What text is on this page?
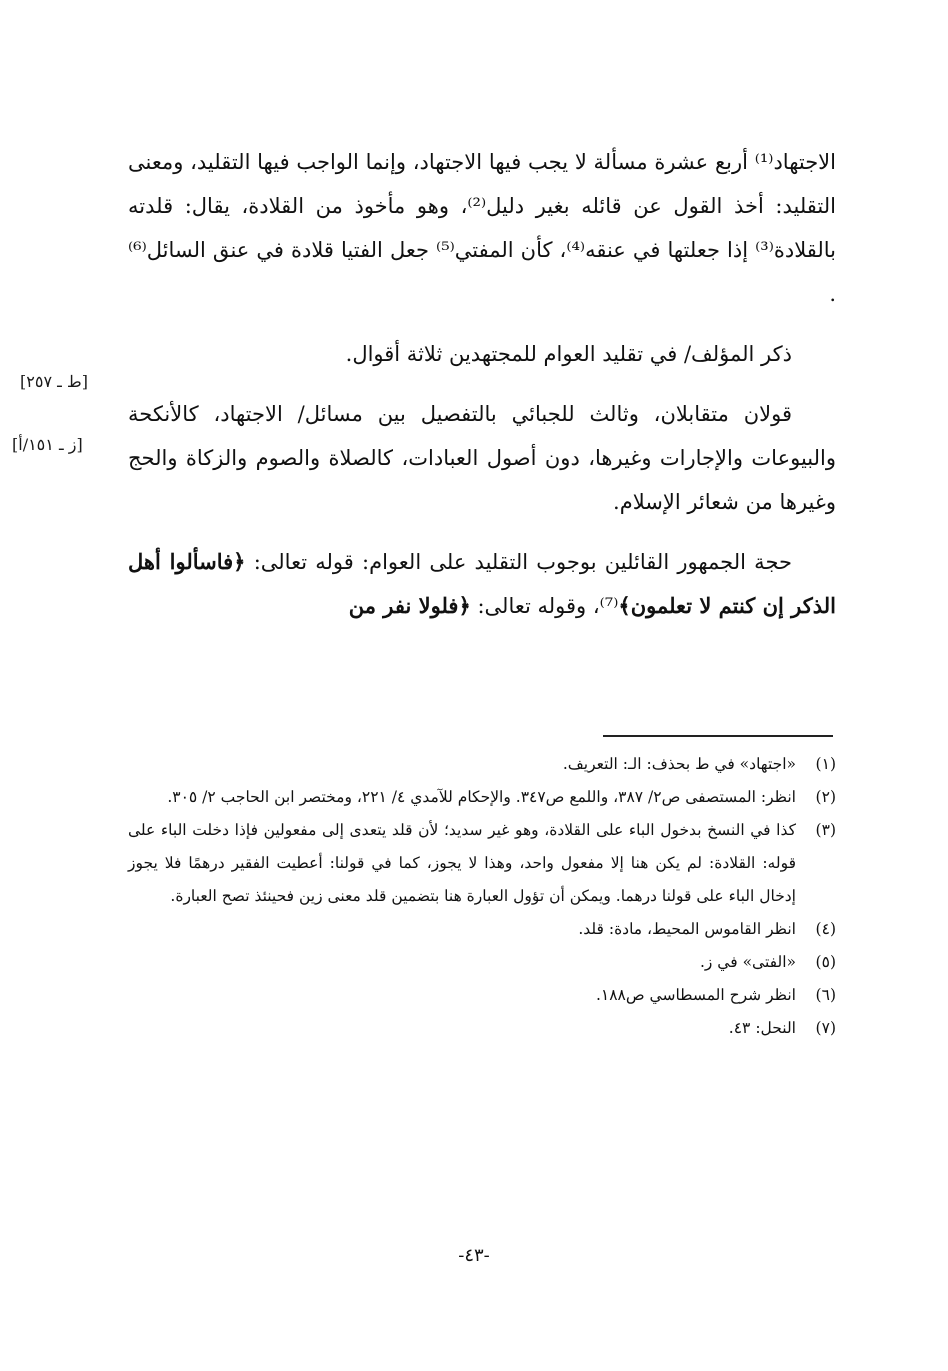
الاجتهاد⁽¹⁾ أربع عشرة مسألة لا يجب فيها الاجتهاد، وإنما الواجب فيها التقليد، ومعنى التقليد: أخذ القول عن قائله بغير دليل⁽²⁾، وهو مأخوذ من القلادة، يقال: قلدته بالقلادة⁽³⁾ إذا جعلتها في عنقه⁽⁴⁾، كأن المفتي⁽⁵⁾ جعل الفتيا قلادة في عنق السائل⁽⁶⁾ .

ذكر المؤلف/ في تقليد العوام للمجتهدين ثلاثة أقوال.

قولان متقابلان، وثالث للجبائي بالتفصيل بين مسائل/ الاجتهاد، كالأنكحة والبيوعات والإجارات وغيرها، دون أصول العبادات، كالصلاة والصوم والزكاة والحج وغيرها من شعائر الإسلام.

حجة الجمهور القائلين بوجوب التقليد على العوام: قوله تعالى: ﴿فاسألوا أهل الذكر إن كنتم لا تعلمون﴾⁽⁷⁾، وقوله تعالى: ﴿فلولا نفر من

[ط ـ ٢٥٧]
[ز ـ ١٥١/أ]
(١)
«اجتهاد» في ط بحذف: الـ: التعريف.
(٢)
انظر: المستصفى ص٢/ ٣٨٧، واللمع ص٣٤٧. والإحكام للآمدي ٤/ ٢٢١، ومختصر ابن الحاجب ٢/ ٣٠٥.
(٣)
كذا في النسخ بدخول الباء على القلادة، وهو غير سديد؛ لأن قلد يتعدى إلى مفعولين فإذا دخلت الباء على قوله: القلادة: لم يكن هنا إلا مفعول واحد، وهذا لا يجوز، كما في قولنا: أعطيت الفقير درهمًا فلا يجوز إدخال الباء على قولنا درهما. ويمكن أن تؤول العبارة هنا بتضمين قلد معنى زين فحينئذ تصح العبارة.
(٤)
انظر القاموس المحيط، مادة: قلد.
(٥)
«الفتى» في ز.
(٦)
انظر شرح المسطاسي ص١٨٨.
(٧)
النحل: ٤٣.
-٤٣-
